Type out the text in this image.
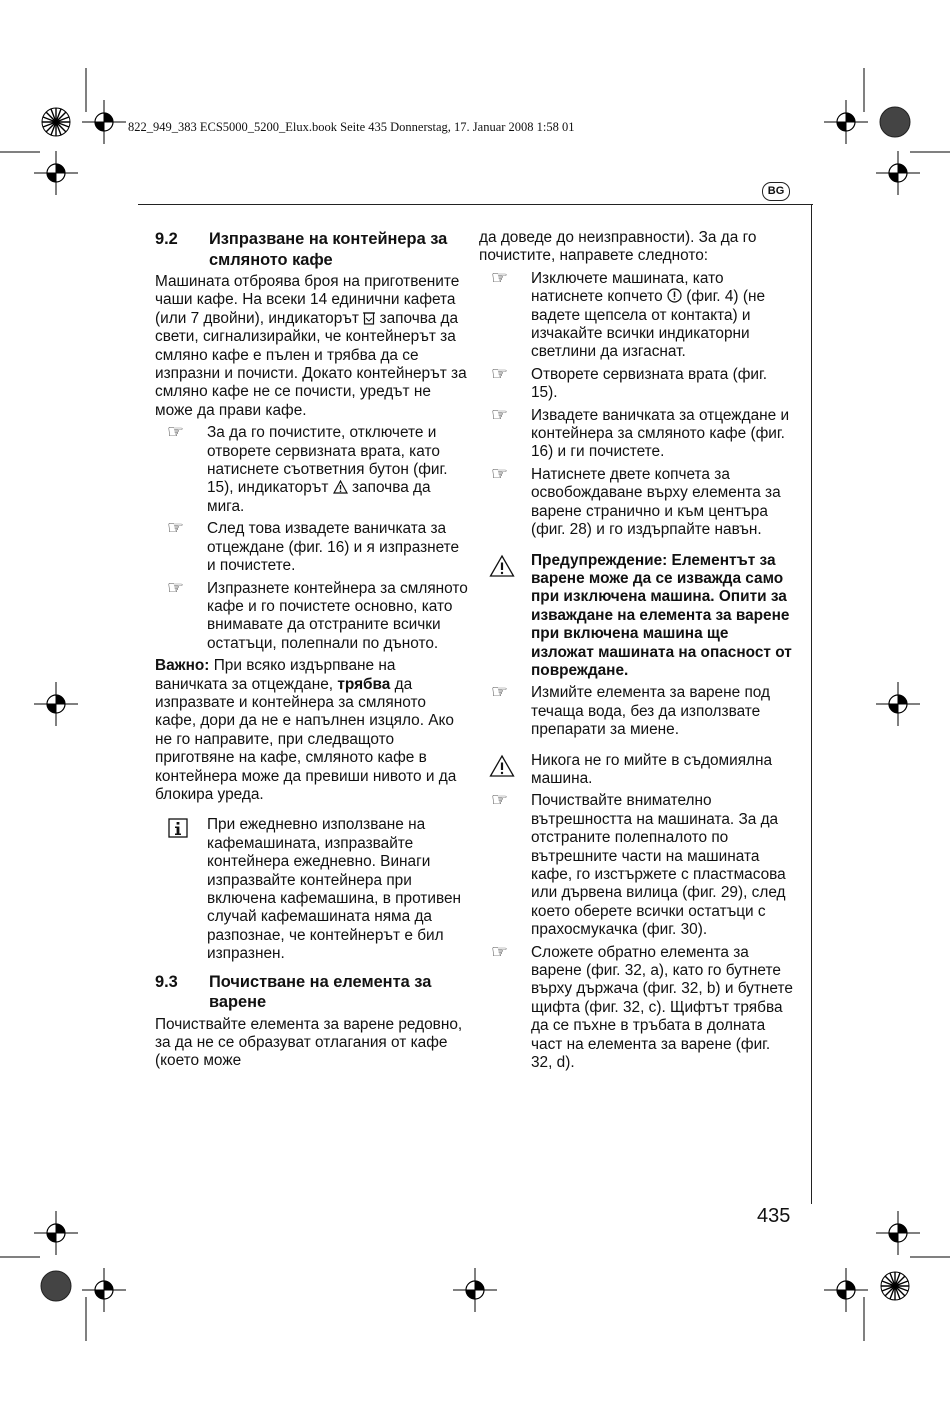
822_949_383 ECS5000_5200_Elux.book Seite 435 Donnerstag, 17. Januar 2008 1:58 01
BG
9.2	Изпразване на контейнера за смляното кафе

Машината отброява броя на приготвените чаши кафе. На всеки 14 единични кафета (или 7 двойни), индикаторът започва да свети, сигнализирайки, че контейнерът за смляно кафе е пълен и трябва да се изпразни и почисти. Докато контейнерът за смляно кафе не се почисти, уредът не може да прави кафе.

☞ За да го почистите, отключете и отворете сервизната врата, като натиснете съответния бутон (фиг. 15), индикаторът започва да мига.
☞ След това извадете ваничката за отцеждане (фиг. 16) и я изпразнете и почистете.
☞ Изпразнете контейнера за смляното кафе и го почистете основно, като внимавате да отстраните всички остатъци, полепнали по дъното.

Важно: При всяко издърпване на ваничката за отцеждане, трябва да изпразвате и контейнера за смляното кафе, дори да не е напълнен изцяло. Ако не го направите, при следващото приготвяне на кафе, смляното кафе в контейнера може да превиши нивото и да блокира уреда.

При ежедневно използване на кафемашината, изпразвайте контейнера ежедневно. Винаги изпразвайте контейнера при включена кафемашина, в противен случай кафемашината няма да разпознае, че контейнерът е бил изпразнен.
9.3	Почистване на елемента за варене

Почиствайте елемента за варене редовно, за да не се образуват отлагания от кафе (което може

да доведе до неизправности). За да го почистите, направете следното:

☞ Изключете машината, като натиснете копчето  (фиг. 4) (не вадете щепсела от контакта) и изчакайте всички индикаторни светлини да изгаснат.
☞ Отворете сервизната врата (фиг. 15).
☞ Извадете ваничката за отцеждане и контейнера за смляното кафе (фиг. 16) и ги почистете.
☞ Натиснете двете копчета за освобождаване върху елемента за варене странично и към центъра (фиг. 28) и го издърпайте навън.
Предупреждение: Елементът за варене може да се изважда само при изключена машина. Опити за изваждане на елемента за варене при включена машина ще изложат машината на опасност от повреждане.
☞ Измийте елемента за варене под течаща вода, без да използвате препарати за миене.
Никога не го мийте в съдомиялна машина.
☞ Почиствайте внимателно вътрешността на машината. За да отстраните полепналото по вътрешните части на машината кафе, го изстържете с пластмасова или дървена вилица (фиг. 29), след което оберете всички остатъци с прахосмукачка (фиг. 30).
☞ Сложете обратно елемента за варене (фиг. 32, a), като го бутнете върху държача (фиг. 32, b) и бутнете щифта (фиг. 32, c). Щифтът трябва да се пъхне в тръбата в долната част на елемента за варене (фиг. 32, d).
435
